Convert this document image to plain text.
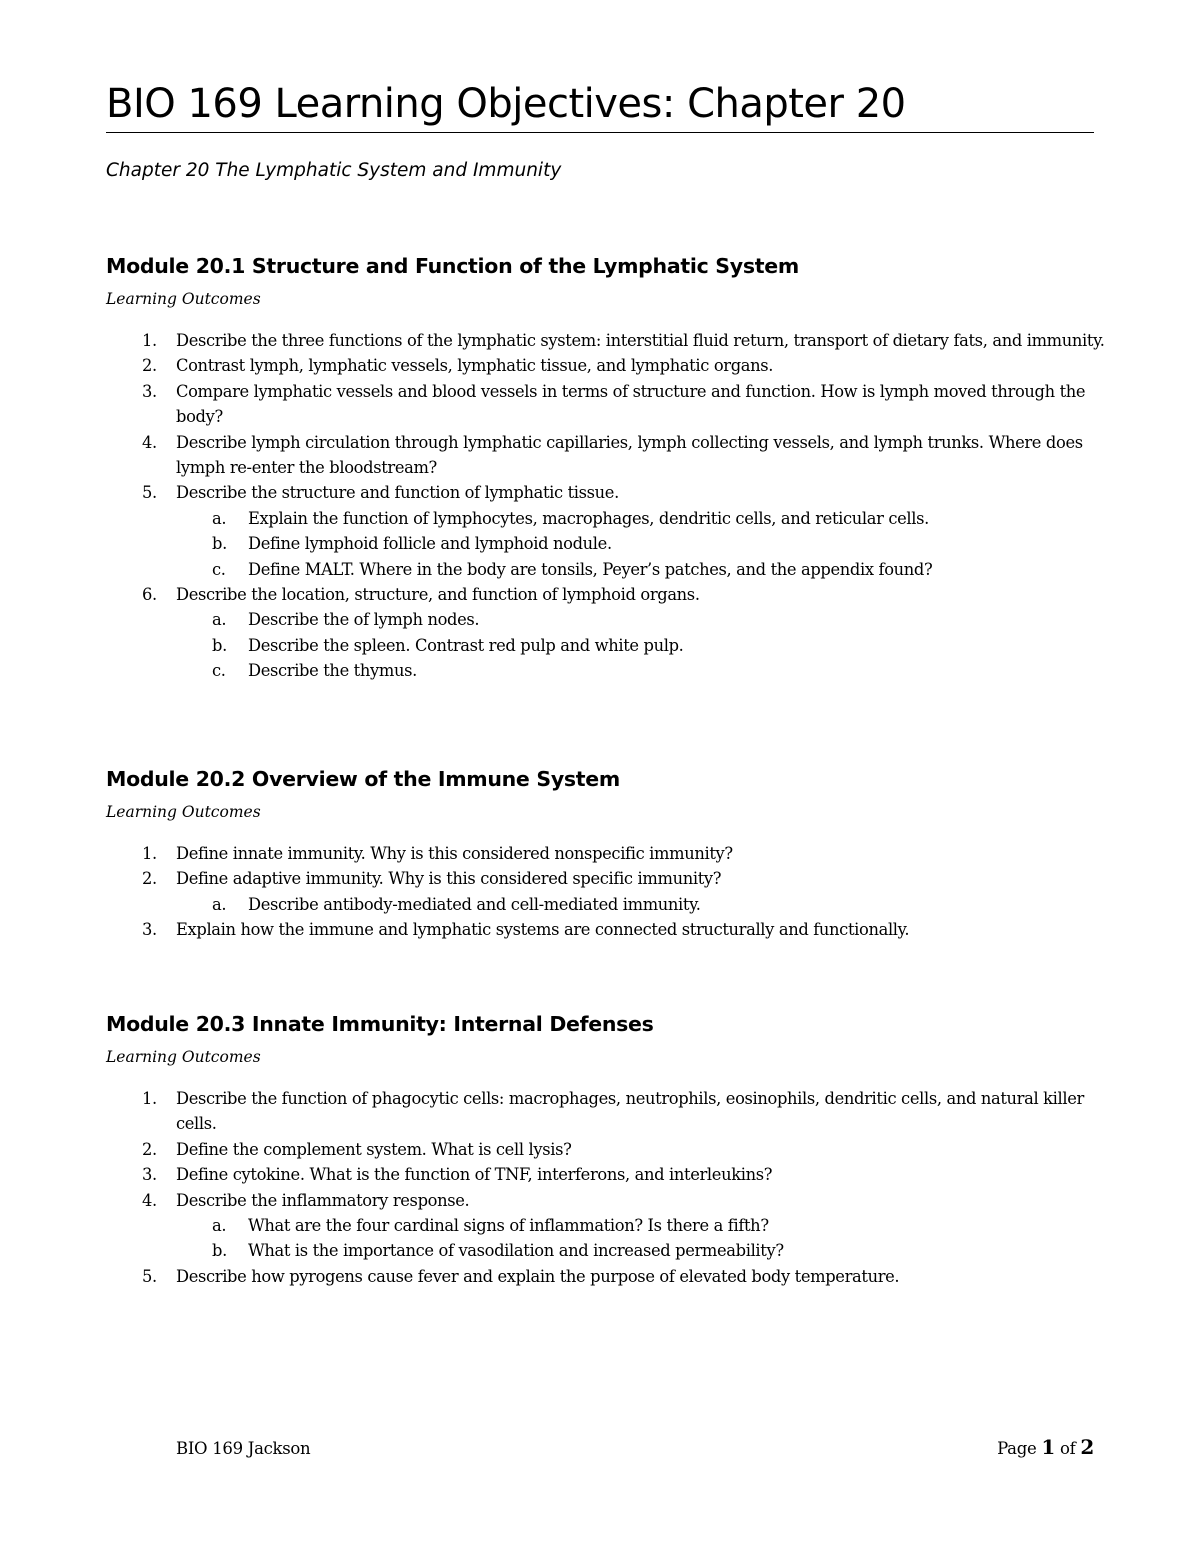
BIO 169 Learning Objectives: Chapter 20
Chapter 20 The Lymphatic System and Immunity
Module 20.1 Structure and Function of the Lymphatic System
Learning Outcomes
1.	Describe the three functions of the lymphatic system: interstitial fluid return, transport of dietary fats, and immunity.
2.	Contrast lymph, lymphatic vessels, lymphatic tissue, and lymphatic organs.
3.	Compare lymphatic vessels and blood vessels in terms of structure and function. How is lymph moved through the body?
4.	Describe lymph circulation through lymphatic capillaries, lymph collecting vessels, and lymph trunks. Where does lymph re-enter the bloodstream?
5.	Describe the structure and function of lymphatic tissue.
a. Explain the function of lymphocytes, macrophages, dendritic cells, and reticular cells.
b. Define lymphoid follicle and lymphoid nodule.
c. Define MALT. Where in the body are tonsils, Peyer’s patches, and the appendix found?
6.	Describe the location, structure, and function of lymphoid organs.
a. Describe the of lymph nodes.
b. Describe the spleen. Contrast red pulp and white pulp.
c. Describe the thymus.
Module 20.2 Overview of the Immune System
Learning Outcomes
1.	Define innate immunity. Why is this considered nonspecific immunity?
2.	Define adaptive immunity. Why is this considered specific immunity?
a. Describe antibody-mediated and cell-mediated immunity.
3.	Explain how the immune and lymphatic systems are connected structurally and functionally.
Module 20.3 Innate Immunity: Internal Defenses
Learning Outcomes
1.	Describe the function of phagocytic cells: macrophages, neutrophils, eosinophils, dendritic cells, and natural killer cells.
2.	Define the complement system. What is cell lysis?
3.	Define cytokine. What is the function of TNF, interferons, and interleukins?
4.	Describe the inflammatory response.
a. What are the four cardinal signs of inflammation? Is there a fifth?
b. What is the importance of vasodilation and increased permeability?
5.	Describe how pyrogens cause fever and explain the purpose of elevated body temperature.
BIO 169 Jackson	Page 1 of 2
